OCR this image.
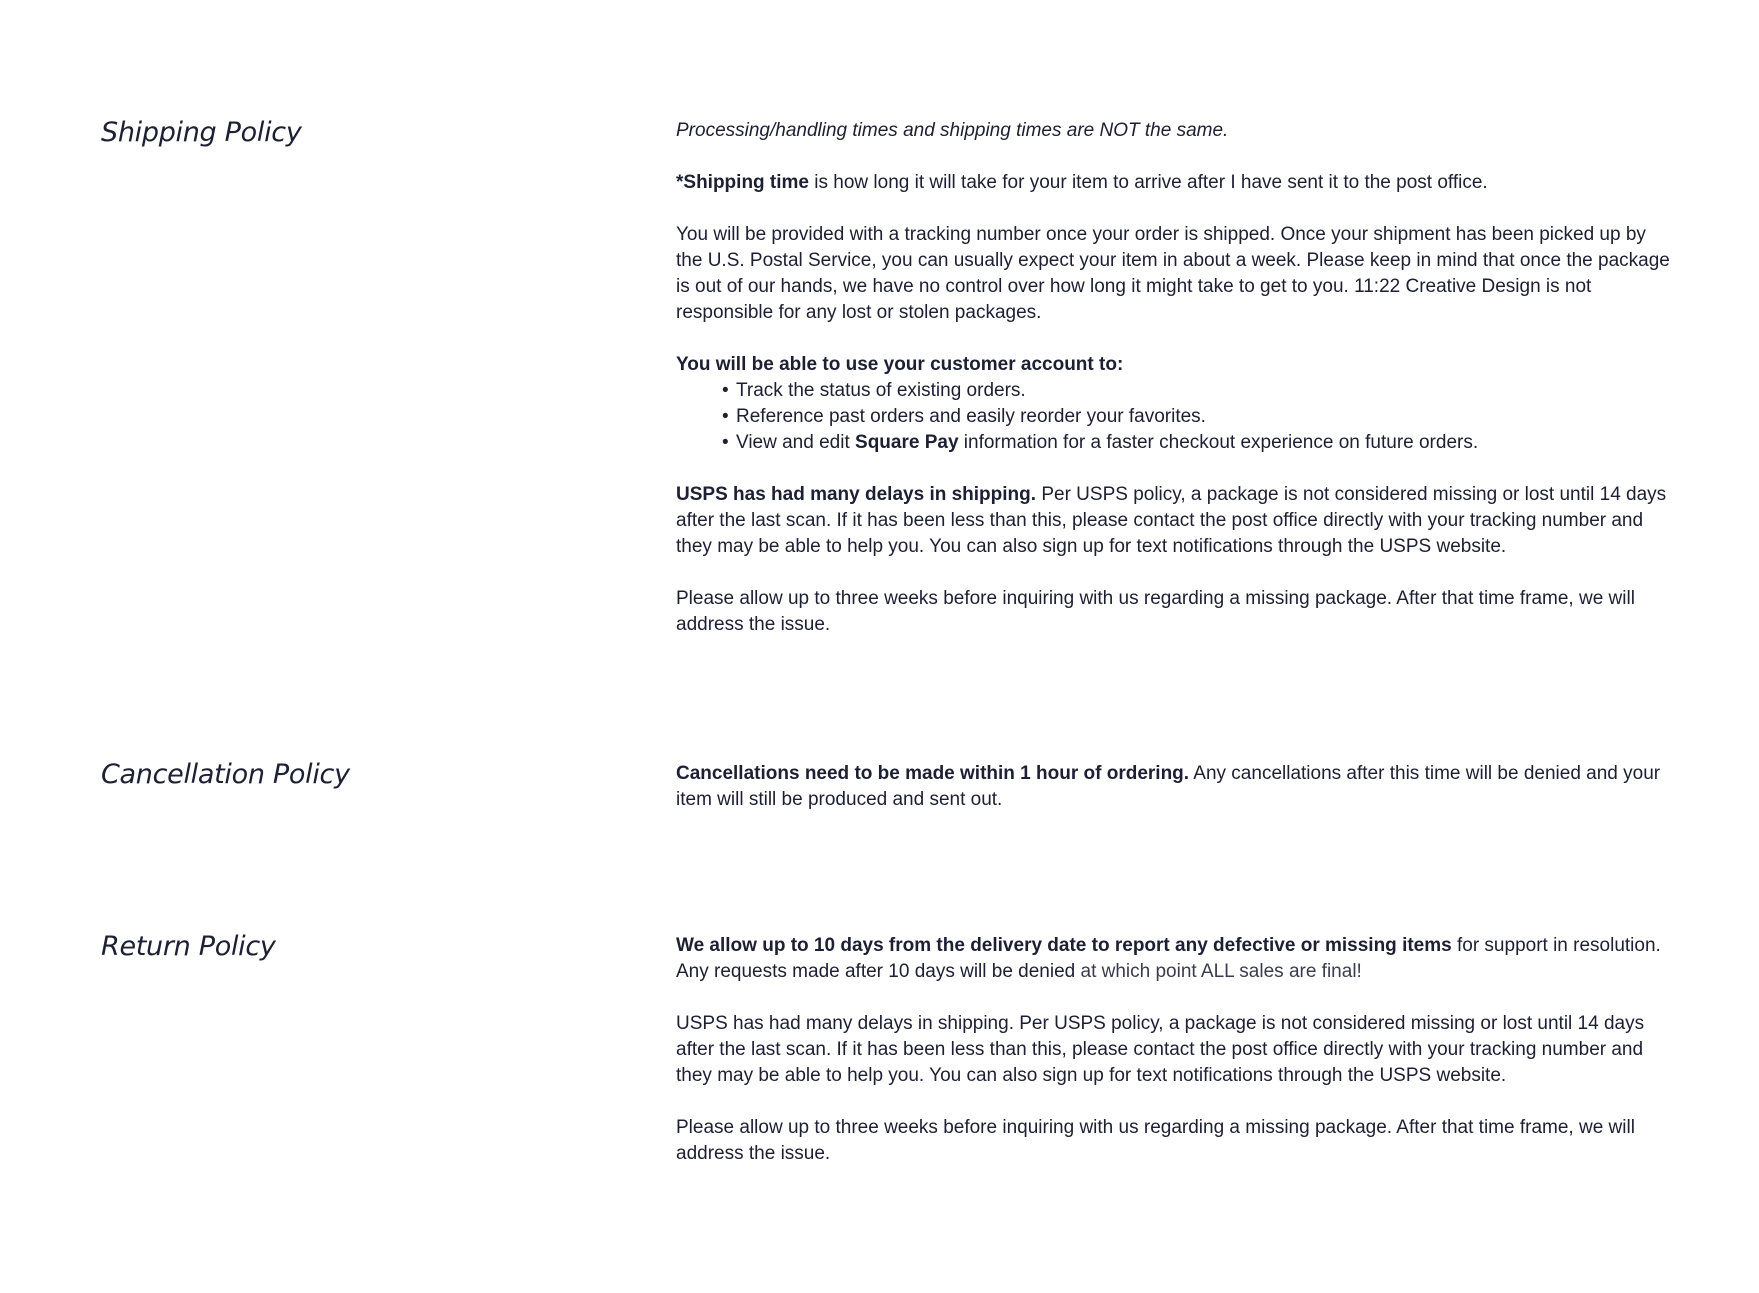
Shipping Policy	Processing/handling times and shipping times are NOT the same.

*Shipping time is how long it will take for your item to arrive after I have sent it to the post office.

You will be provided with a tracking number once your order is shipped. Once your shipment has been picked up by the U.S. Postal Service, you can usually expect your item in about a week. Please keep in mind that once the package is out of our hands, we have no control over how long it might take to get to you. 11:22 Creative Design is not responsible for any lost or stolen packages.

You will be able to use your customer account to:
• Track the status of existing orders.
• Reference past orders and easily reorder your favorites.
• View and edit Square Pay information for a faster checkout experience on future orders.

USPS has had many delays in shipping. Per USPS policy, a package is not considered missing or lost until 14 days after the last scan. If it has been less than this, please contact the post office directly with your tracking number and they may be able to help you. You can also sign up for text notifications through the USPS website.

Please allow up to three weeks before inquiring with us regarding a missing package. After that time frame, we will address the issue.

Cancellation Policy	Cancellations need to be made within 1 hour of ordering. Any cancellations after this time will be denied and your item will still be produced and sent out.

Return Policy	We allow up to 10 days from the delivery date to report any defective or missing items for support in resolution. Any requests made after 10 days will be denied at which point ALL sales are final!

USPS has had many delays in shipping. Per USPS policy, a package is not considered missing or lost until 14 days after the last scan. If it has been less than this, please contact the post office directly with your tracking number and they may be able to help you. You can also sign up for text notifications through the USPS website.

Please allow up to three weeks before inquiring with us regarding a missing package. After that time frame, we will address the issue.
